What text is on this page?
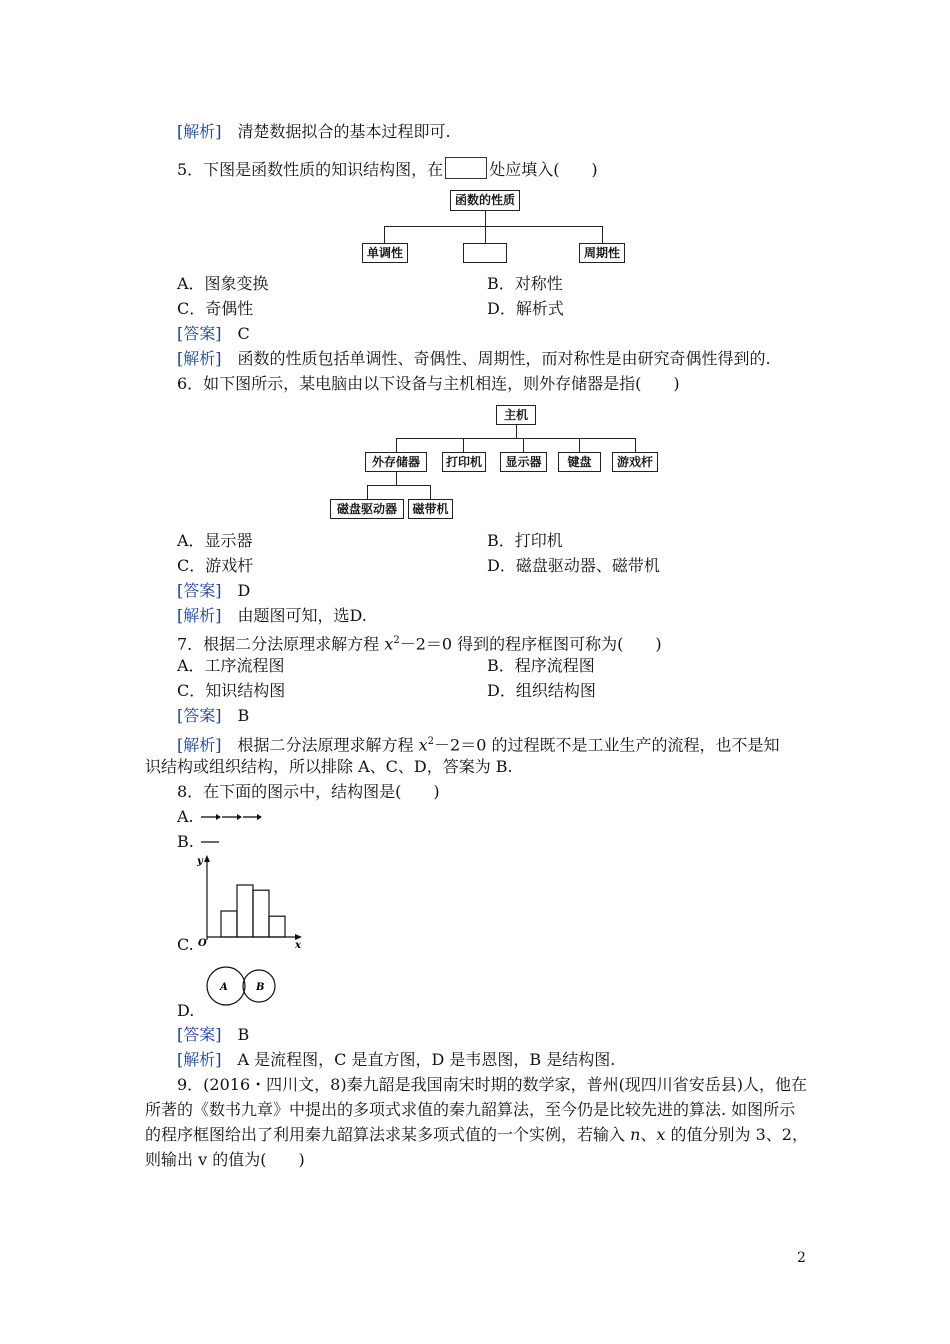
[解析]　 清楚数据拟合的基本过程即可.
5．下图是函数性质的知识结构图，在	处应填入(　　)
函数的性质
单调性	周期性
A．图象变换	B．对称性
C．奇偶性	D．解析式
[答案]　 C
[解析]　 函数的性质包括单调性、奇偶性、周期性，而对称性是由研究奇偶性得到的.
6．如下图所示，某电脑由以下设备与主机相连，则外存储器是指(　　)
主机
外存储器	打印机	显示器	键盘	游戏杆
磁盘驱动器	磁带机
A．显示器	B．打印机
C．游戏杆	D．磁盘驱动器、磁带机
[答案]　 D
[解析]　 由题图可知，选D.
7．根据二分法原理求解方程 $x^2-2=0$ 得到的程序框图可称为(　　)
A．工序流程图	B．程序流程图
C．知识结构图	D．组织结构图
[答案]　 B
[解析]　 根据二分法原理求解方程 $x^2-2=0$ 的过程既不是工业生产的流程，也不是知
识结构或组织结构，所以排除 A、C、D，答案为 B.
8．在下面的图示中，结构图是(　　)
A.
B.
C.
y
O	x
D.
A	B
[答案]　 B
[解析]　 A 是流程图，C 是直方图，D 是韦恩图，B 是结构图.
9．(2016・四川文，8)秦九韶是我国南宋时期的数学家，普州(现四川省安岳县)人，他在
所著的《数书九章》中提出的多项式求值的秦九韶算法，至今仍是比较先进的算法. 如图所示
的程序框图给出了利用秦九韶算法求某多项式值的一个实例，若输入 n、x 的值分别为 3、2，
则输出 v 的值为(　　)
2
